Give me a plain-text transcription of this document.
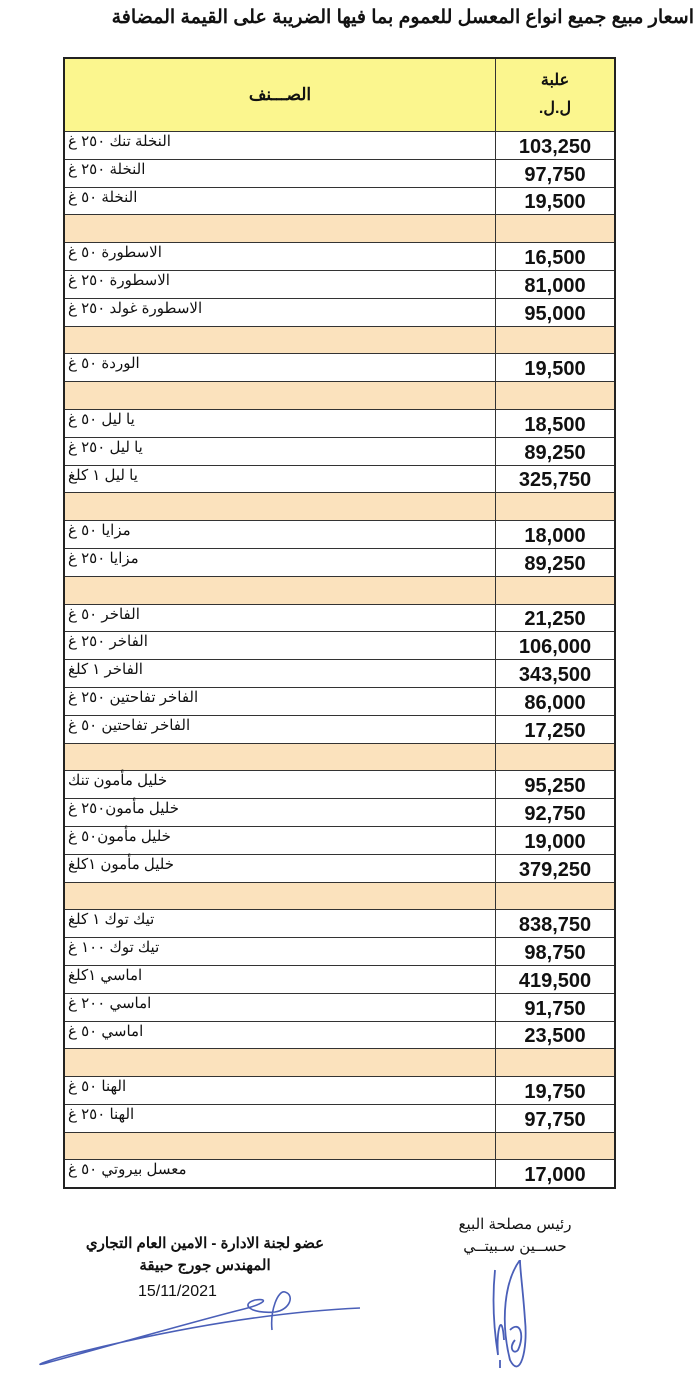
اسعار مبيع جميع انواع المعسل للعموم بما فيها الضريبة على القيمة المضافة
الصـــنف	علبة
ل.ل.

النخلة تنك ٢٥٠ غ	103,250
النخلة ٢٥٠ غ	97,750
النخلة ٥٠ غ	19,500

الاسطورة ٥٠ غ	16,500
الاسطورة ٢٥٠ غ	81,000
الاسطورة غولد ٢٥٠ غ	95,000

الوردة ٥٠ غ	19,500

يا ليل ٥٠ غ	18,500
يا ليل ٢٥٠ غ	89,250
يا ليل ١ كلغ	325,750

مزايا ٥٠ غ	18,000
مزايا ٢٥٠ غ	89,250

الفاخر ٥٠ غ	21,250
الفاخر ٢٥٠ غ	106,000
الفاخر ١ كلغ	343,500
الفاخر تفاحتين ٢٥٠ غ	86,000
الفاخر تفاحتين ٥٠ غ	17,250

خليل مأمون تنك	95,250
خليل مأمون٢٥٠ غ	92,750
خليل مأمون٥٠ غ	19,000
خليل مأمون ١كلغ	379,250

تيك توك ١ كلغ	838,750
تيك توك ١٠٠ غ	98,750
اماسي ١كلغ	419,500
اماسي ٢٠٠ غ	91,750
اماسي ٥٠ غ	23,500

الهنا ٥٠ غ	19,750
الهنا ٢٥٠ غ	97,750

معسل بيروتي ٥٠ غ	17,000
عضو لجنة الادارة - الامين العام التجاري
المهندس جورج حبيقة
15/11/2021
رئيس مصلحة البيع
حســين سـبيتــي
